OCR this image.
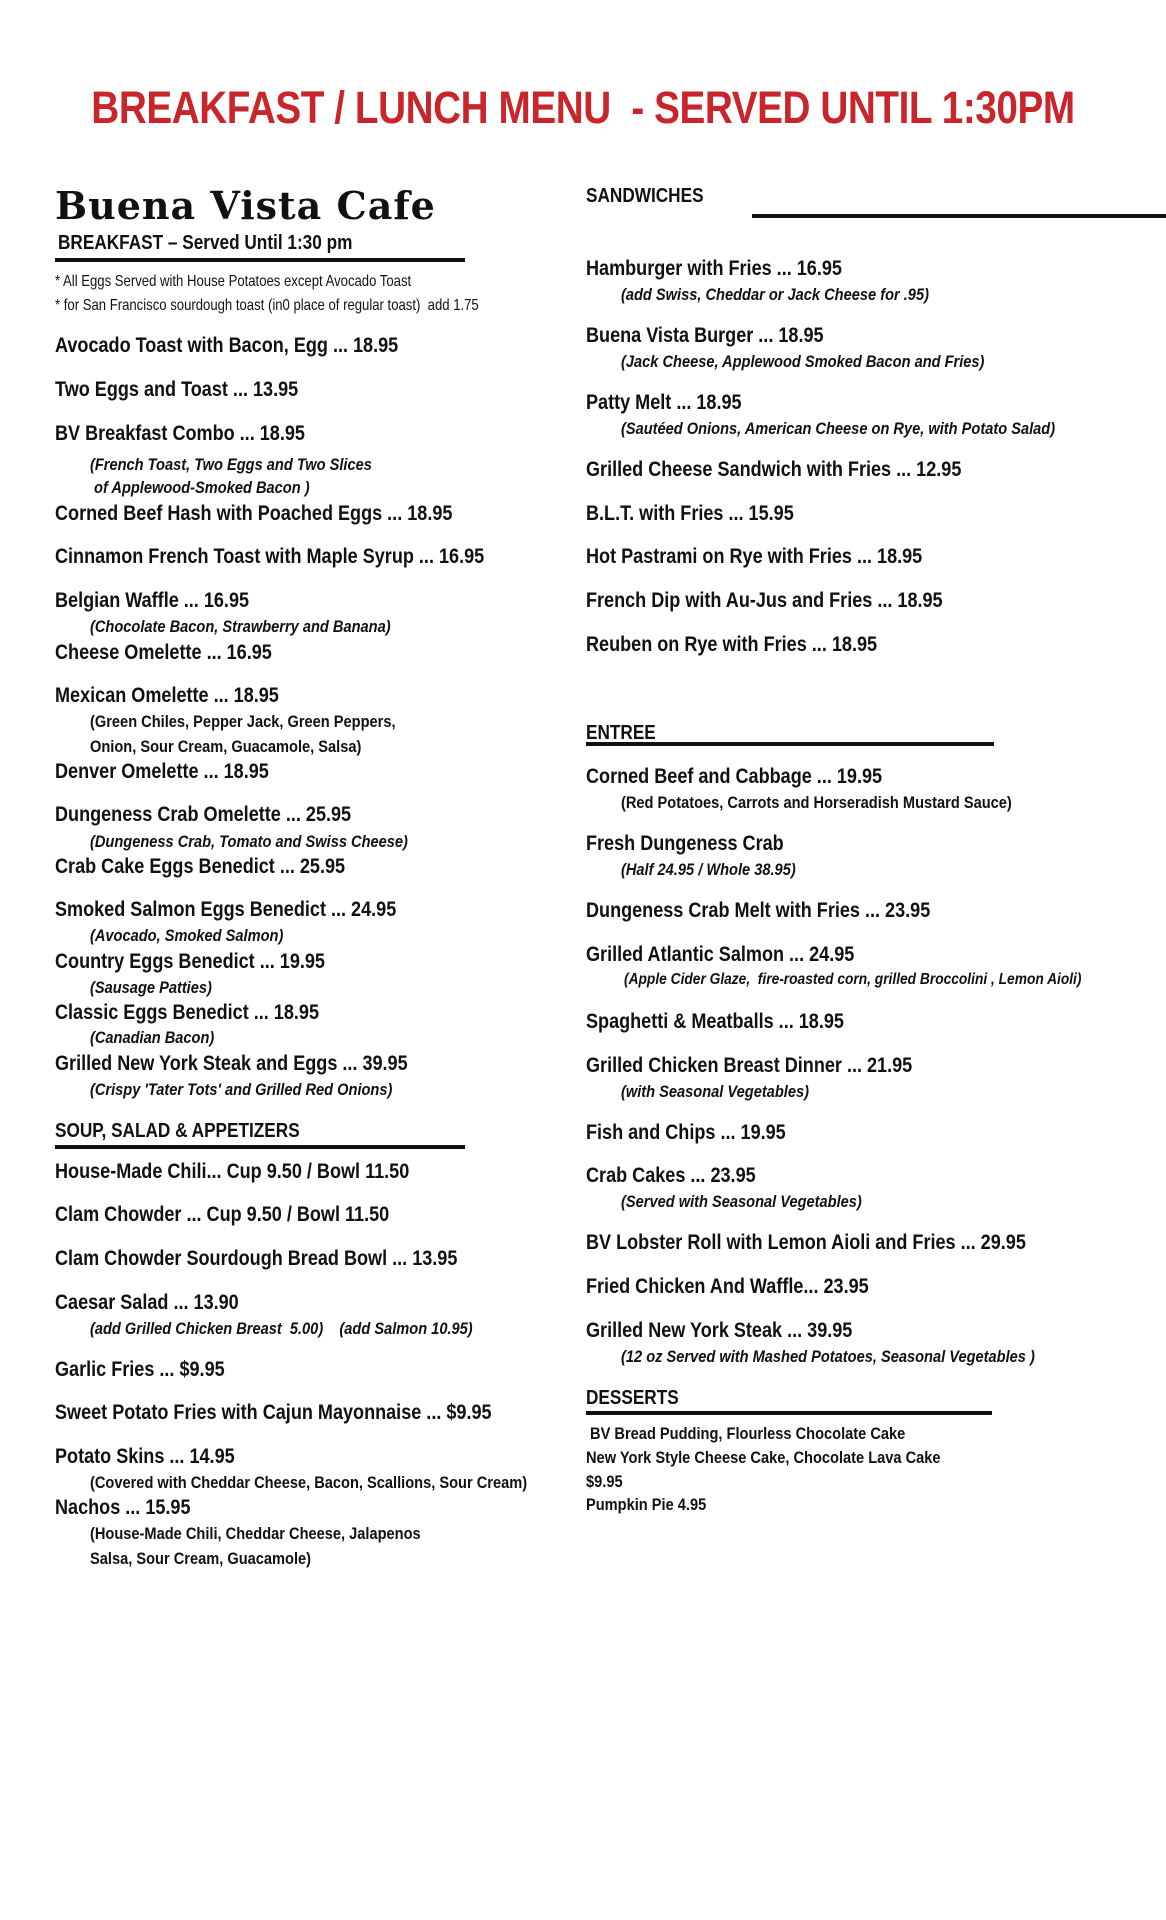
BREAKFAST / LUNCH MENU  - SERVED UNTIL 1:30PM
Buena Vista Cafe
BREAKFAST – Served Until 1:30 pm
* All Eggs Served with House Potatoes except Avocado Toast
* for San Francisco sourdough toast (in0 place of regular toast)  add 1.75
Avocado Toast with Bacon, Egg ... 18.95
Two Eggs and Toast ... 13.95
BV Breakfast Combo ... 18.95
(French Toast, Two Eggs and Two Slices
of Applewood-Smoked Bacon )
Corned Beef Hash with Poached Eggs ... 18.95
Cinnamon French Toast with Maple Syrup ... 16.95
Belgian Waffle ... 16.95
(Chocolate Bacon, Strawberry and Banana)
Cheese Omelette ... 16.95
Mexican Omelette ... 18.95
(Green Chiles, Pepper Jack, Green Peppers,
Onion, Sour Cream, Guacamole, Salsa)
Denver Omelette ... 18.95
Dungeness Crab Omelette ... 25.95
(Dungeness Crab, Tomato and Swiss Cheese)
Crab Cake Eggs Benedict ... 25.95
Smoked Salmon Eggs Benedict ... 24.95
(Avocado, Smoked Salmon)
Country Eggs Benedict ... 19.95
(Sausage Patties)
Classic Eggs Benedict ... 18.95
(Canadian Bacon)
Grilled New York Steak and Eggs ... 39.95
(Crispy 'Tater Tots' and Grilled Red Onions)
SOUP, SALAD & APPETIZERS
House-Made Chili... Cup 9.50 / Bowl 11.50
Clam Chowder ... Cup 9.50 / Bowl 11.50
Clam Chowder Sourdough Bread Bowl ... 13.95
Caesar Salad ... 13.90
(add Grilled Chicken Breast  5.00)    (add Salmon 10.95)
Garlic Fries ... $9.95
Sweet Potato Fries with Cajun Mayonnaise ... $9.95
Potato Skins ... 14.95
(Covered with Cheddar Cheese, Bacon, Scallions, Sour Cream)
Nachos ... 15.95
(House-Made Chili, Cheddar Cheese, Jalapenos
Salsa, Sour Cream, Guacamole)
SANDWICHES
Hamburger with Fries ... 16.95
(add Swiss, Cheddar or Jack Cheese for .95)
Buena Vista Burger ... 18.95
(Jack Cheese, Applewood Smoked Bacon and Fries)
Patty Melt ... 18.95
(Sautéed Onions, American Cheese on Rye, with Potato Salad)
Grilled Cheese Sandwich with Fries ... 12.95
B.L.T. with Fries ... 15.95
Hot Pastrami on Rye with Fries ... 18.95
French Dip with Au-Jus and Fries ... 18.95
Reuben on Rye with Fries ... 18.95
ENTREE
Corned Beef and Cabbage ... 19.95
(Red Potatoes, Carrots and Horseradish Mustard Sauce)
Fresh Dungeness Crab
(Half 24.95 / Whole 38.95)
Dungeness Crab Melt with Fries ... 23.95
Grilled Atlantic Salmon ... 24.95
(Apple Cider Glaze,  fire-roasted corn, grilled Broccolini , Lemon Aioli)
Spaghetti & Meatballs ... 18.95
Grilled Chicken Breast Dinner ... 21.95
(with Seasonal Vegetables)
Fish and Chips ... 19.95
Crab Cakes ... 23.95
(Served with Seasonal Vegetables)
BV Lobster Roll with Lemon Aioli and Fries ... 29.95
Fried Chicken And Waffle... 23.95
Grilled New York Steak ... 39.95
(12 oz Served with Mashed Potatoes, Seasonal Vegetables )
DESSERTS
BV Bread Pudding, Flourless Chocolate Cake
New York Style Cheese Cake, Chocolate Lava Cake
$9.95
Pumpkin Pie 4.95
